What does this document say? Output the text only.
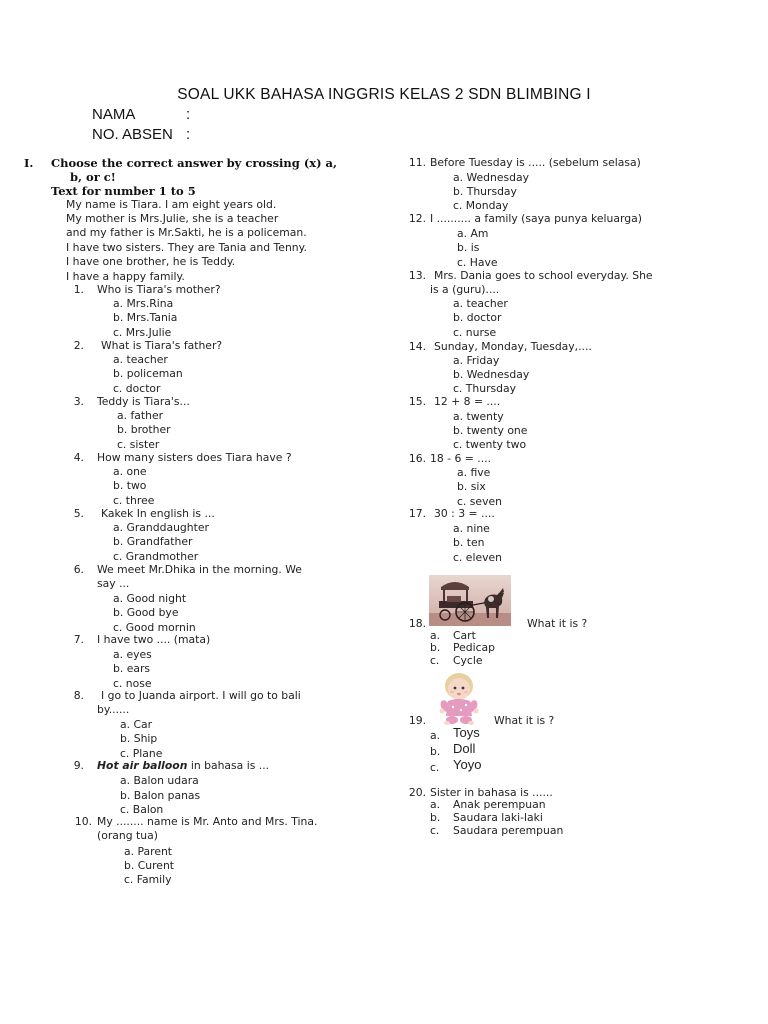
SOAL UKK BAHASA INGGRIS KELAS 2 SDN BLIMBING I
NAMA	:
NO. ABSEN :
I. Choose the correct answer by crossing (x) a,
b, or c!
Text for number 1 to 5
My name is Tiara. I am eight years old.
My mother is Mrs.Julie, she is a teacher
and my father is Mr.Sakti, he is a policeman.
I have two sisters. They are Tania and Tenny.
I have one brother, he is Teddy.
I have a happy family.
1. Who is Tiara's mother?
a. Mrs.Rina
b. Mrs.Tania
c. Mrs.Julie
2. What is Tiara's father?
a. teacher
b. policeman
c. doctor
3. Teddy is Tiara's...
a. father
b. brother
c. sister
4. How many sisters does Tiara have ?
a. one
b. two
c. three
5. Kakek In english is ...
a. Granddaughter
b. Grandfather
c. Grandmother
6. We meet Mr.Dhika in the morning. We
say ...
a. Good night
b. Good bye
c. Good mornin
7. I have two .... (mata)
a. eyes
b. ears
c. nose
8. I go to Juanda airport. I will go to bali
by......
a. Car
b. Ship
c. Plane
9. Hot air balloon in bahasa is ...
a. Balon udara
b. Balon panas
c. Balon
10. My ........ name is Mr. Anto and Mrs. Tina.
(orang tua)
a. Parent
b. Curent
c. Family
11. Before Tuesday is ..... (sebelum selasa)
a. Wednesday
b. Thursday
c. Monday
12. I .......... a family (saya punya keluarga)
a. Am
b. is
c. Have
13. Mrs. Dania goes to school everyday. She
is a (guru)....
a. teacher
b. doctor
c. nurse
14. Sunday, Monday, Tuesday,....
a. Friday
b. Wednesday
c. Thursday
15. 12 + 8 = ....
a. twenty
b. twenty one
c. twenty two
16. 18 - 6 = ....
a. five
b. six
c. seven
17. 30 : 3 = ....
a. nine
b. ten
c. eleven
18.	What it is ?
a. Cart
b. Pedicap
c. Cycle
19.	What it is ?
a. Toys
b. Doll
c. Yoyo
20. Sister in bahasa is ......
a. Anak perempuan
b. Saudara laki-laki
c. Saudara perempuan
